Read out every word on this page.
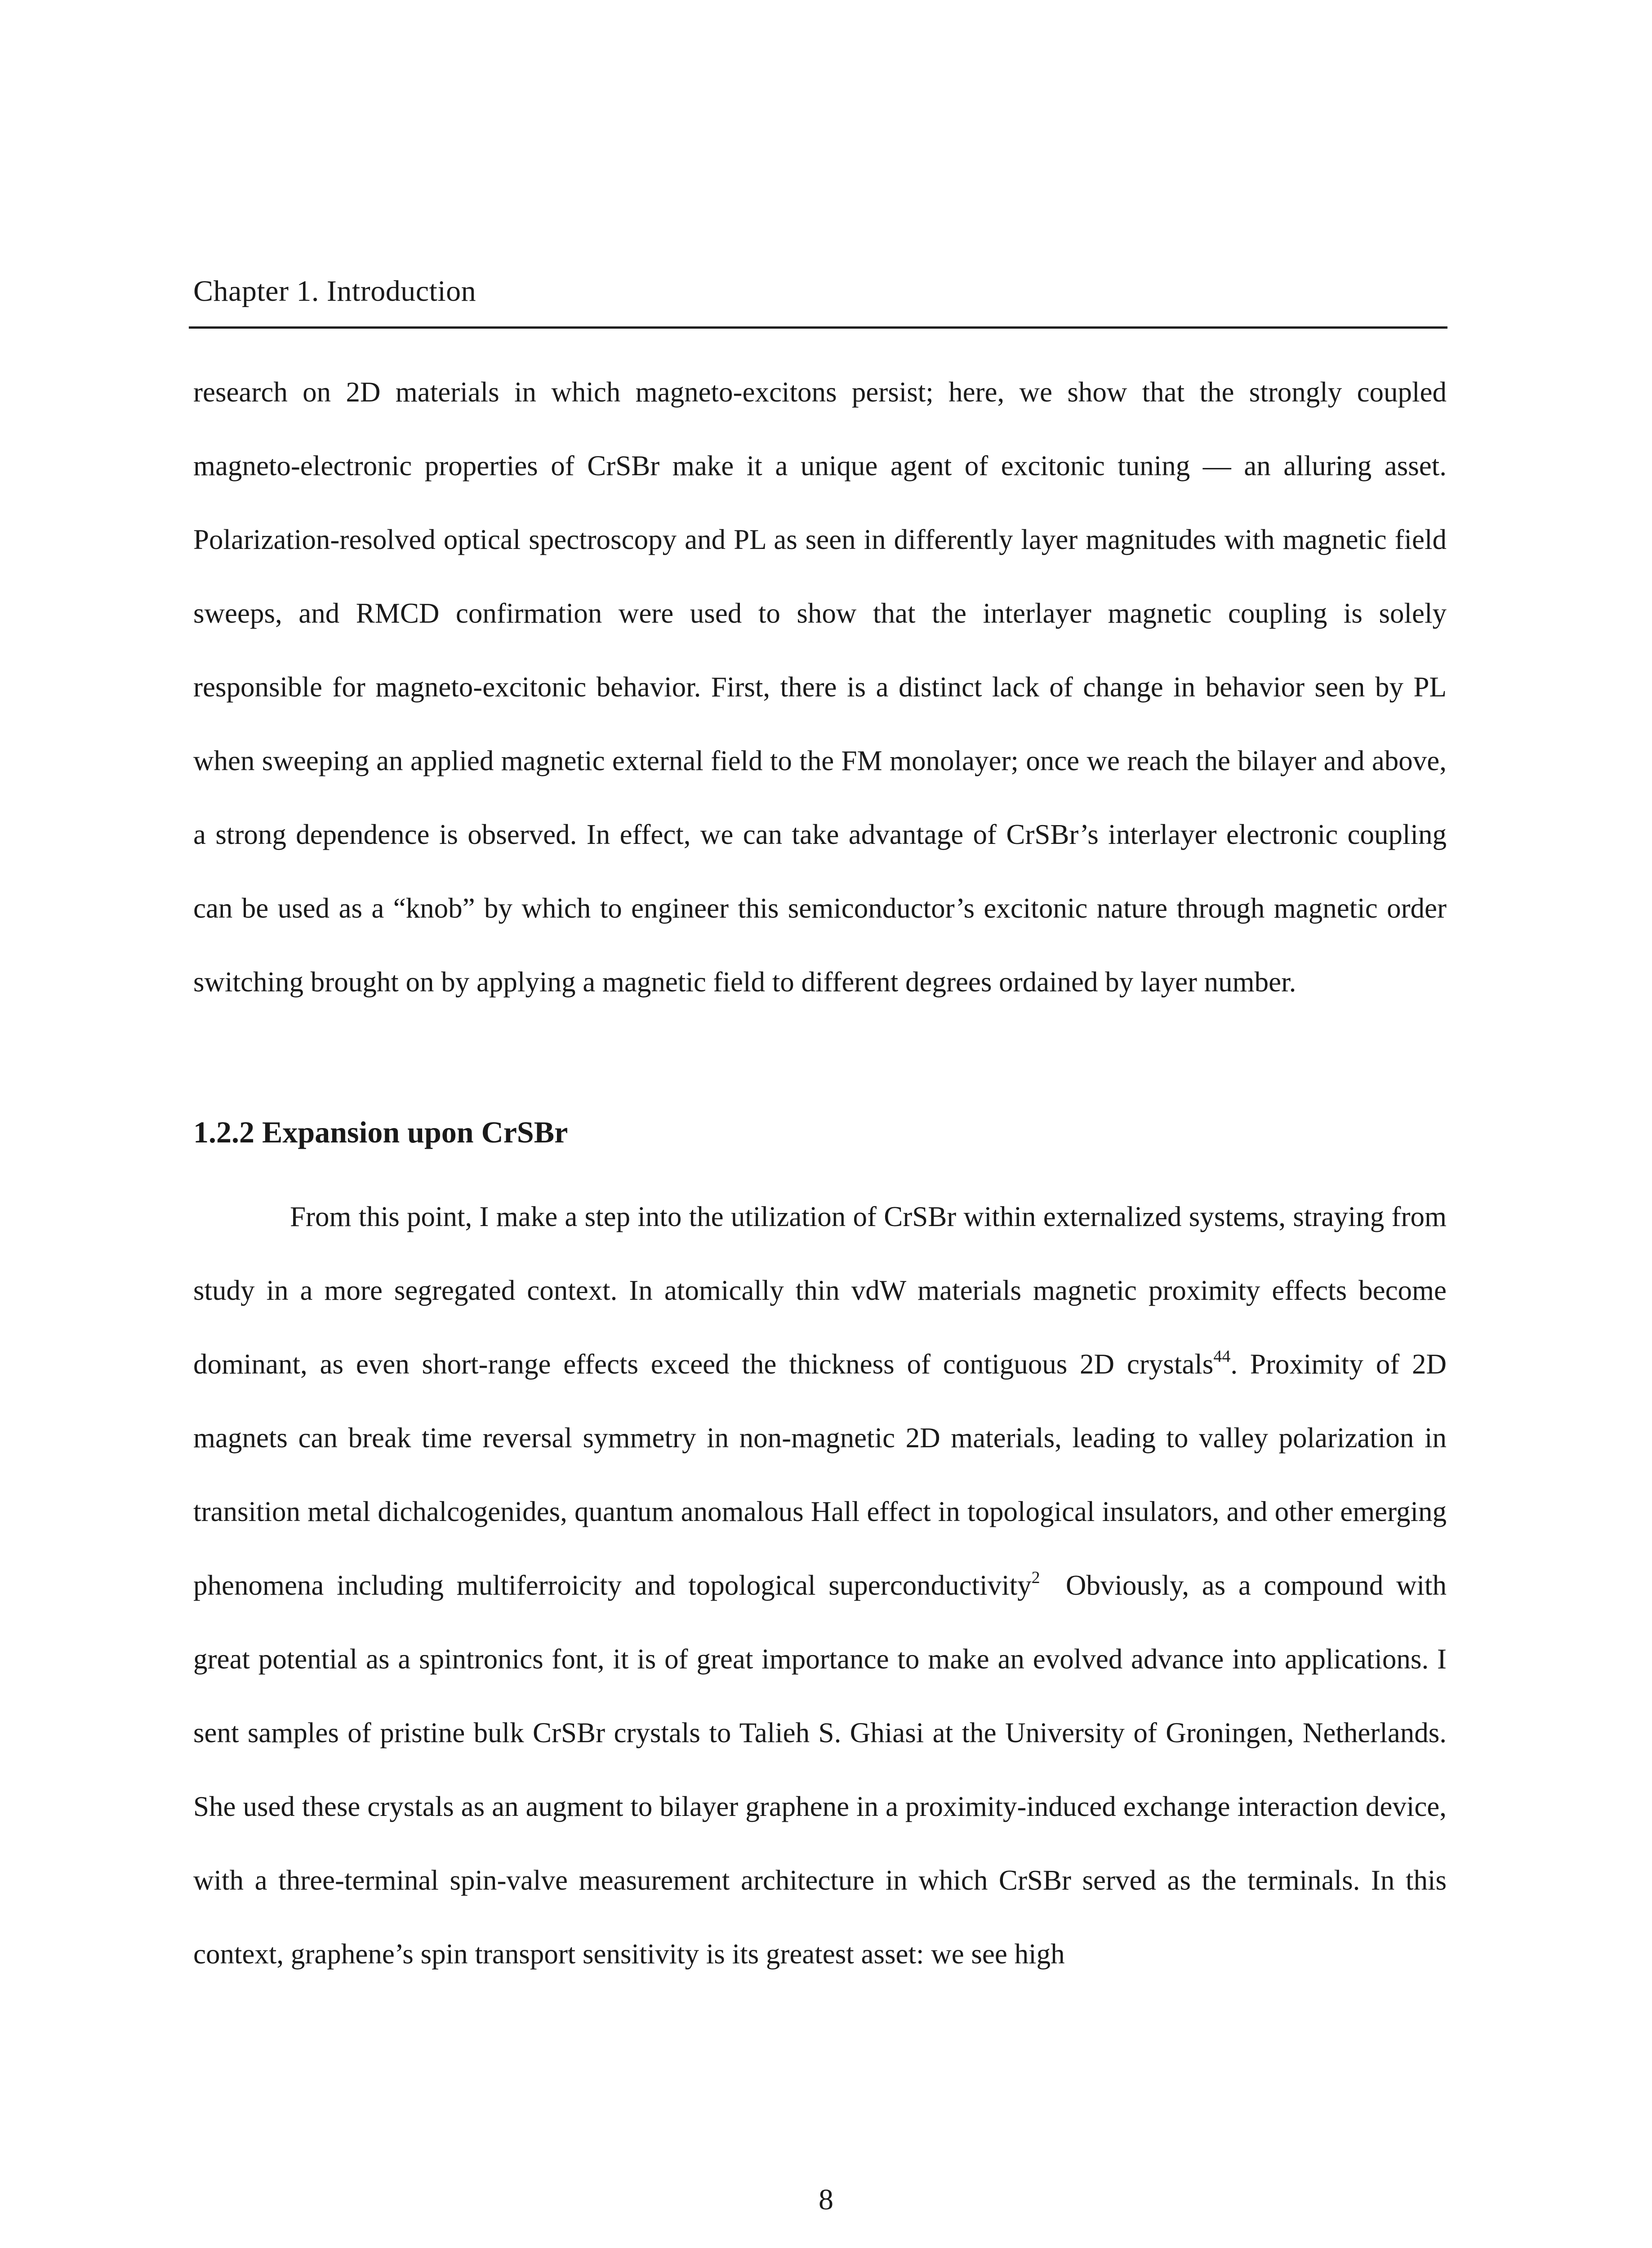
Chapter 1. Introduction
research on 2D materials in which magneto-excitons persist; here, we show that the strongly coupled magneto-electronic properties of CrSBr make it a unique agent of excitonic tuning — an alluring asset. Polarization-resolved optical spectroscopy and PL as seen in differently layer magnitudes with magnetic field sweeps, and RMCD confirmation were used to show that the interlayer magnetic coupling is solely responsible for magneto-excitonic behavior. First, there is a distinct lack of change in behavior seen by PL when sweeping an applied magnetic external field to the FM monolayer; once we reach the bilayer and above, a strong dependence is observed. In effect, we can take advantage of CrSBr’s interlayer electronic coupling can be used as a “knob” by which to engineer this semiconductor’s excitonic nature through magnetic order switching brought on by applying a magnetic field to different degrees ordained by layer number.
1.2.2 Expansion upon CrSBr
From this point, I make a step into the utilization of CrSBr within externalized systems, straying from study in a more segregated context. In atomically thin vdW materials magnetic proximity effects become dominant, as even short-range effects exceed the thickness of contiguous 2D crystals$^{44}$. Proximity of 2D magnets can break time reversal symmetry in non-magnetic 2D materials, leading to valley polarization in transition metal dichalcogenides, quantum anomalous Hall effect in topological insulators, and other emerging phenomena including multiferroicity and topological superconductivity$^2$  Obviously, as a compound with great potential as a spintronics font, it is of great importance to make an evolved advance into applications. I sent samples of pristine bulk CrSBr crystals to Talieh S. Ghiasi at the University of Groningen, Netherlands. She used these crystals as an augment to bilayer graphene in a proximity-induced exchange interaction device, with a three-terminal spin-valve measurement architecture in which CrSBr served as the terminals. In this context, graphene’s spin transport sensitivity is its greatest asset: we see high
8
